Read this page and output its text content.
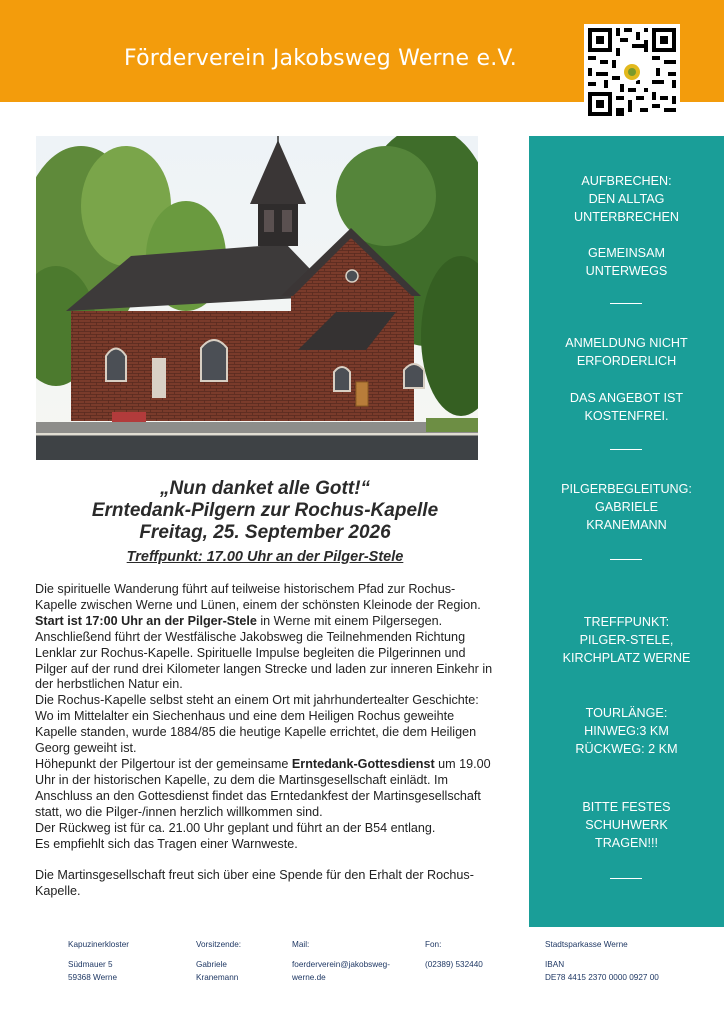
Förderverein Jakobsweg Werne e.V.
„Nun danket alle Gott!“
Erntedank-Pilgern zur Rochus-Kapelle
Freitag, 25. September 2026
Treffpunkt: 17.00 Uhr an der Pilger-Stele

Die spirituelle Wanderung führt auf teilweise historischem Pfad zur Rochus-Kapelle zwischen Werne und Lünen, einem der schönsten Kleinode der Region.

Start ist 17:00 Uhr an der Pilger-Stele in Werne mit einem Pilgersegen. Anschließend führt der Westfälische Jakobsweg die Teilnehmenden Richtung Lenklar zur Rochus-Kapelle. Spirituelle Impulse begleiten die Pilgerinnen und Pilger auf der rund drei Kilometer langen Strecke und laden zur inneren Einkehr in der herbstlichen Natur ein.

Die Rochus-Kapelle selbst steht an einem Ort mit jahrhundertealter Geschichte: Wo im Mittelalter ein Siechenhaus und eine dem Heiligen Rochus geweihte Kapelle standen, wurde 1884/85 die heutige Kapelle errichtet, die dem Heiligen Georg geweiht ist.

Höhepunkt der Pilgertour ist der gemeinsame Erntedank-Gottesdienst um 19.00 Uhr in der historischen Kapelle, zu dem die Martinsgesellschaft einlädt. Im Anschluss an den Gottesdienst findet das Erntedankfest der Martinsgesellschaft statt, wo die Pilger-/innen herzlich willkommen sind.

Der Rückweg ist für ca. 21.00 Uhr geplant und führt an der B54 entlang.

Es empfiehlt sich das Tragen einer Warnweste.

Die Martinsgesellschaft freut sich über eine Spende für den Erhalt der Rochus-Kapelle.

AUFBRECHEN:
DEN ALLTAG
UNTERBRECHEN
GEMEINSAM
UNTERWEGS
ANMELDUNG NICHT
ERFORDERLICH
DAS ANGEBOT IST
KOSTENFREI.
PILGERBEGLEITUNG:
GABRIELE
KRANEMANN
TREFFPUNKT:
PILGER-STELE,
KIRCHPLATZ WERNE
TOURLÄNGE:
HINWEG:3 KM
RÜCKWEG: 2 KM
BITTE FESTES
SCHUHWERK
TRAGEN!!!
Kapuzinerkloster
Südmauer 5
59368 Werne
Vorsitzende:
Gabriele
Kranemann
Mail:
foerderverein@jakobsweg-
werne.de
Fon:
(02389) 532440
Stadtsparkasse Werne
IBAN
DE78 4415 2370 0000 0927 00
